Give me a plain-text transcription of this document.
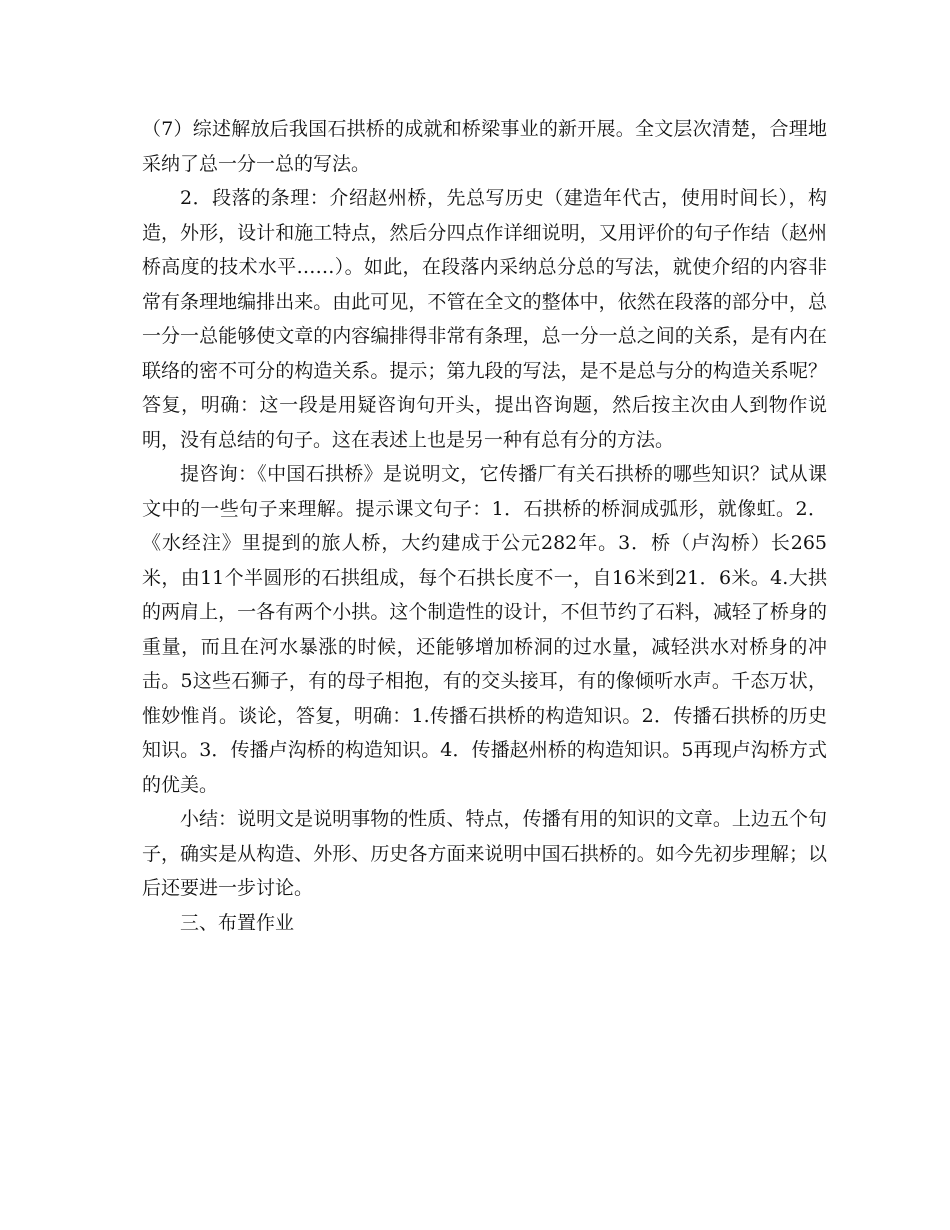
（7）综述解放后我国石拱桥的成就和桥梁事业的新开展。全文层次清楚，合理地采纳了总一分一总的写法。

2．段落的条理：介绍赵州桥，先总写历史（建造年代古，使用时间长），构造，外形，设计和施工特点，然后分四点作详细说明，又用评价的句子作结（赵州桥高度的技术水平……）。如此，在段落内采纳总分总的写法，就使介绍的内容非常有条理地编排出来。由此可见，不管在全文的整体中，依然在段落的部分中，总一分一总能够使文章的内容编排得非常有条理，总一分一总之间的关系，是有内在联络的密不可分的构造关系。提示；第九段的写法，是不是总与分的构造关系呢？答复，明确：这一段是用疑咨询句开头，提出咨询题，然后按主次由人到物作说明，没有总结的句子。这在表述上也是另一种有总有分的方法。

提咨询：《中国石拱桥》是说明文，它传播厂有关石拱桥的哪些知识？试从课文中的一些句子来理解。提示课文句子：1．石拱桥的桥洞成弧形，就像虹。2．《水经注》里提到的旅人桥，大约建成于公元282年。3．桥（卢沟桥）长265米，由11个半圆形的石拱组成，每个石拱长度不一，自16米到21．6米。4.大拱的两肩上，一各有两个小拱。这个制造性的设计，不但节约了石料，减轻了桥身的重量，而且在河水暴涨的时候，还能够增加桥洞的过水量，减轻洪水对桥身的冲击。5这些石狮子，有的母子相抱，有的交头接耳，有的像倾听水声。千态万状，惟妙惟肖。谈论，答复，明确：1.传播石拱桥的构造知识。2．传播石拱桥的历史知识。3．传播卢沟桥的构造知识。4．传播赵州桥的构造知识。5再现卢沟桥方式的优美。

小结：说明文是说明事物的性质、特点，传播有用的知识的文章。上边五个句子，确实是从构造、外形、历史各方面来说明中国石拱桥的。如今先初步理解；以后还要进一步讨论。

三、布置作业
